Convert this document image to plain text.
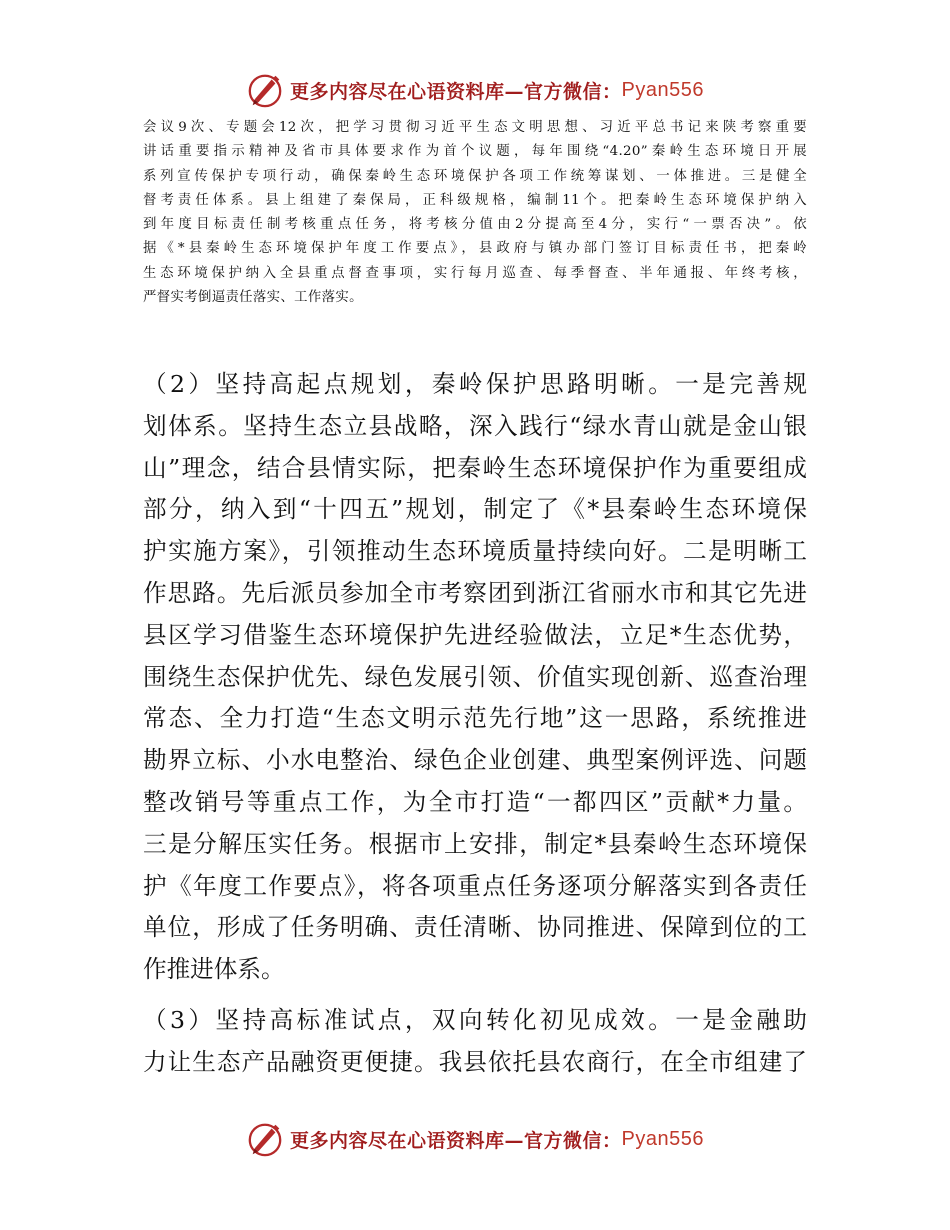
更多内容尽在心语资料库—官方微信： Pyan556
会议9次、专题会12次，把学习贯彻习近平生态文明思想、习近平总书记来陕考察重要
讲话重要指示精神及省市具体要求作为首个议题，每年围绕“4.20”秦岭生态环境日开展
系列宣传保护专项行动，确保秦岭生态环境保护各项工作统筹谋划、一体推进。三是健全
督考责任体系。县上组建了秦保局，正科级规格，编制11个。把秦岭生态环境保护纳入
到年度目标责任制考核重点任务，将考核分值由2分提高至4分，实行“一票否决”。依
据《*县秦岭生态环境保护年度工作要点》，县政府与镇办部门签订目标责任书，把秦岭
生态环境保护纳入全县重点督查事项，实行每月巡查、每季督查、半年通报、年终考核，
严督实考倒逼责任落实、工作落实。
（2）坚持高起点规划，秦岭保护思路明晰。一是完善规
划体系。坚持生态立县战略，深入践行“绿水青山就是金山银
山”理念，结合县情实际，把秦岭生态环境保护作为重要组成
部分，纳入到“十四五”规划，制定了《*县秦岭生态环境保
护实施方案》，引领推动生态环境质量持续向好。二是明晰工
作思路。先后派员参加全市考察团到浙江省丽水市和其它先进
县区学习借鉴生态环境保护先进经验做法，立足*生态优势，
围绕生态保护优先、绿色发展引领、价值实现创新、巡查治理
常态、全力打造“生态文明示范先行地”这一思路，系统推进
勘界立标、小水电整治、绿色企业创建、典型案例评选、问题
整改销号等重点工作，为全市打造“一都四区”贡献*力量。
三是分解压实任务。根据市上安排，制定*县秦岭生态环境保
护《年度工作要点》，将各项重点任务逐项分解落实到各责任
单位，形成了任务明确、责任清晰、协同推进、保障到位的工
作推进体系。
（3）坚持高标准试点，双向转化初见成效。一是金融助
力让生态产品融资更便捷。我县依托县农商行，在全市组建了
更多内容尽在心语资料库—官方微信： Pyan556
